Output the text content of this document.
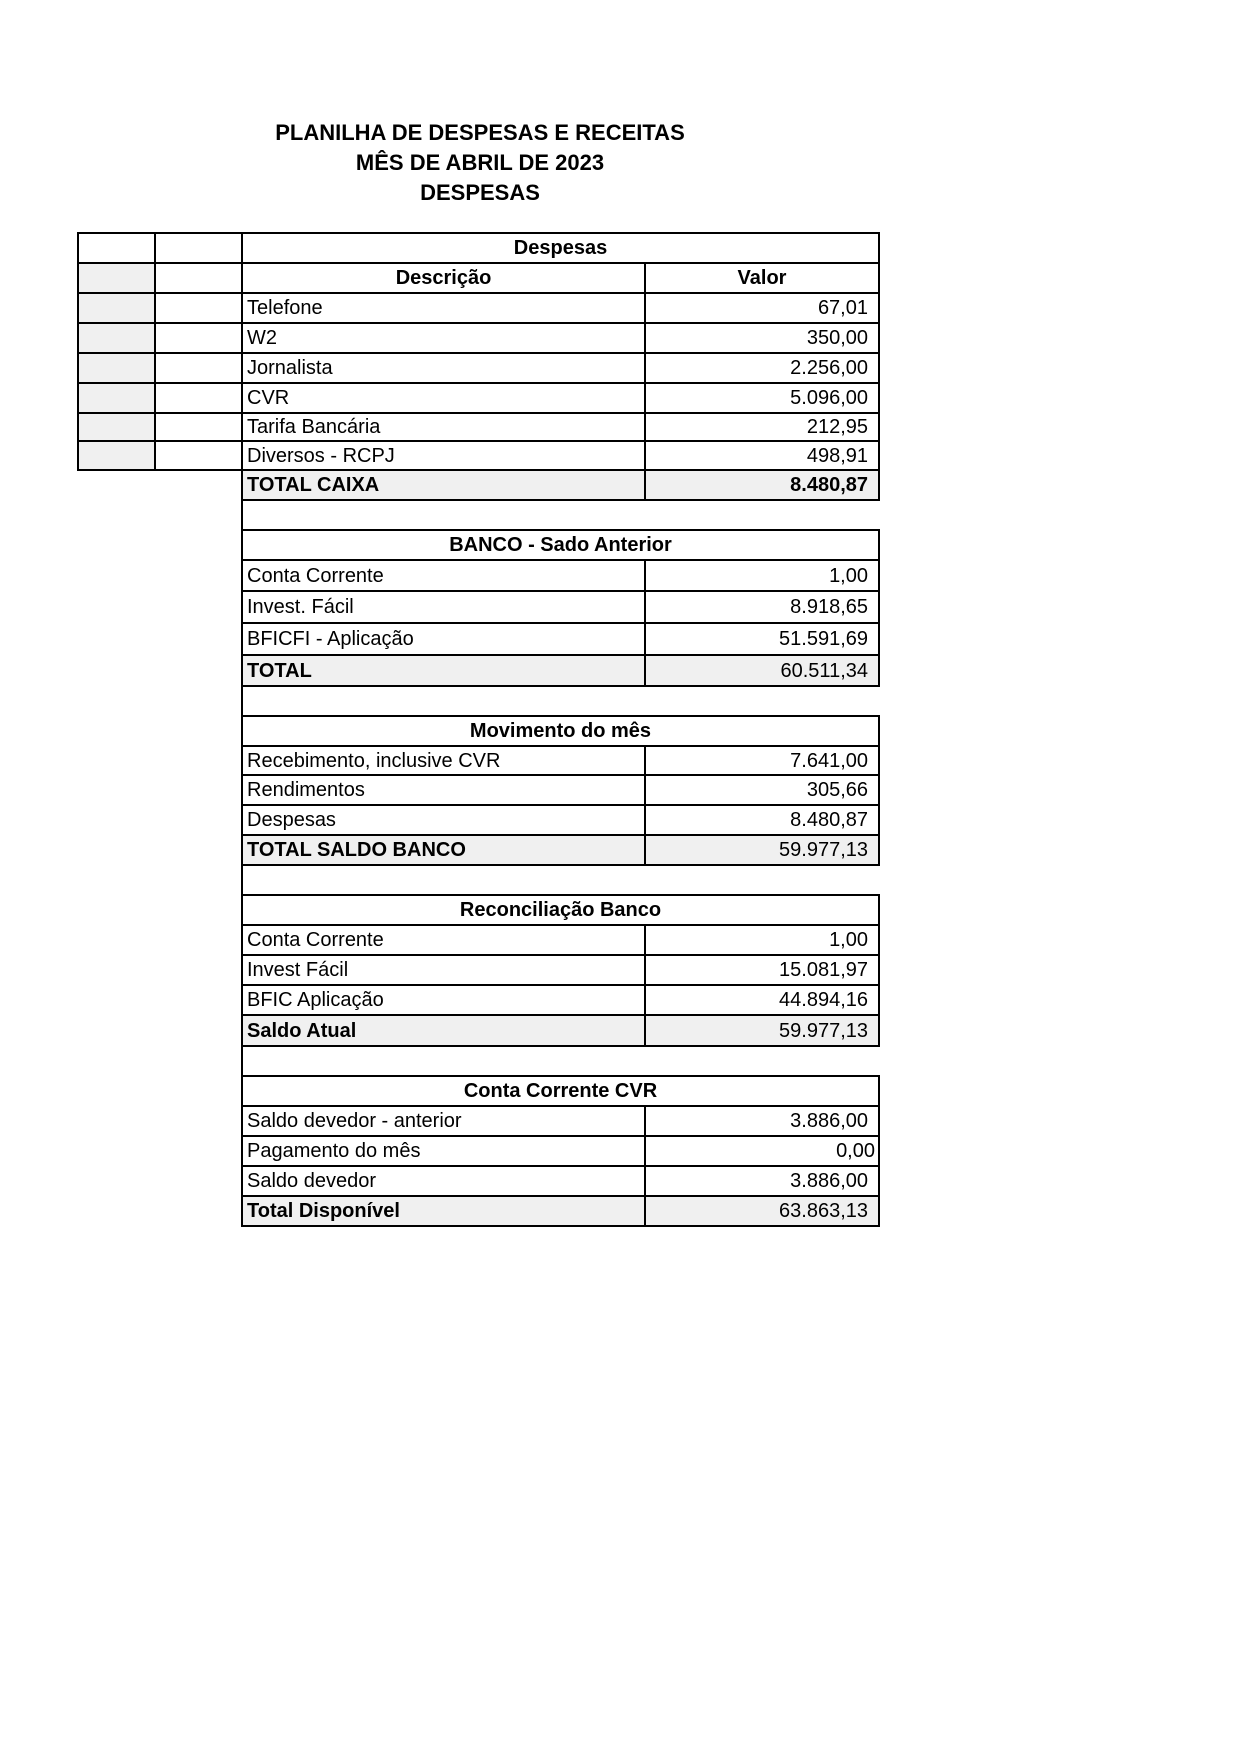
PLANILHA DE DESPESAS E RECEITAS
MÊS DE ABRIL DE 2023
DESPESAS
Despesas
Descrição	Valor
Telefone	67,01
W2	350,00
Jornalista	2.256,00
CVR	5.096,00
Tarifa Bancária	212,95
Diversos - RCPJ	498,91
TOTAL CAIXA	8.480,87
BANCO - Sado Anterior
Conta Corrente	1,00
Invest. Fácil	8.918,65
BFICFI - Aplicação	51.591,69
TOTAL	60.511,34
Movimento do mês
Recebimento, inclusive CVR	7.641,00
Rendimentos	305,66
Despesas	8.480,87
TOTAL SALDO BANCO	59.977,13
Reconciliação Banco
Conta Corrente	1,00
Invest Fácil	15.081,97
BFIC Aplicação	44.894,16
Saldo Atual	59.977,13
Conta Corrente CVR
Saldo devedor - anterior	3.886,00
Pagamento do mês	0,00
Saldo devedor	3.886,00
Total Disponível	63.863,13
